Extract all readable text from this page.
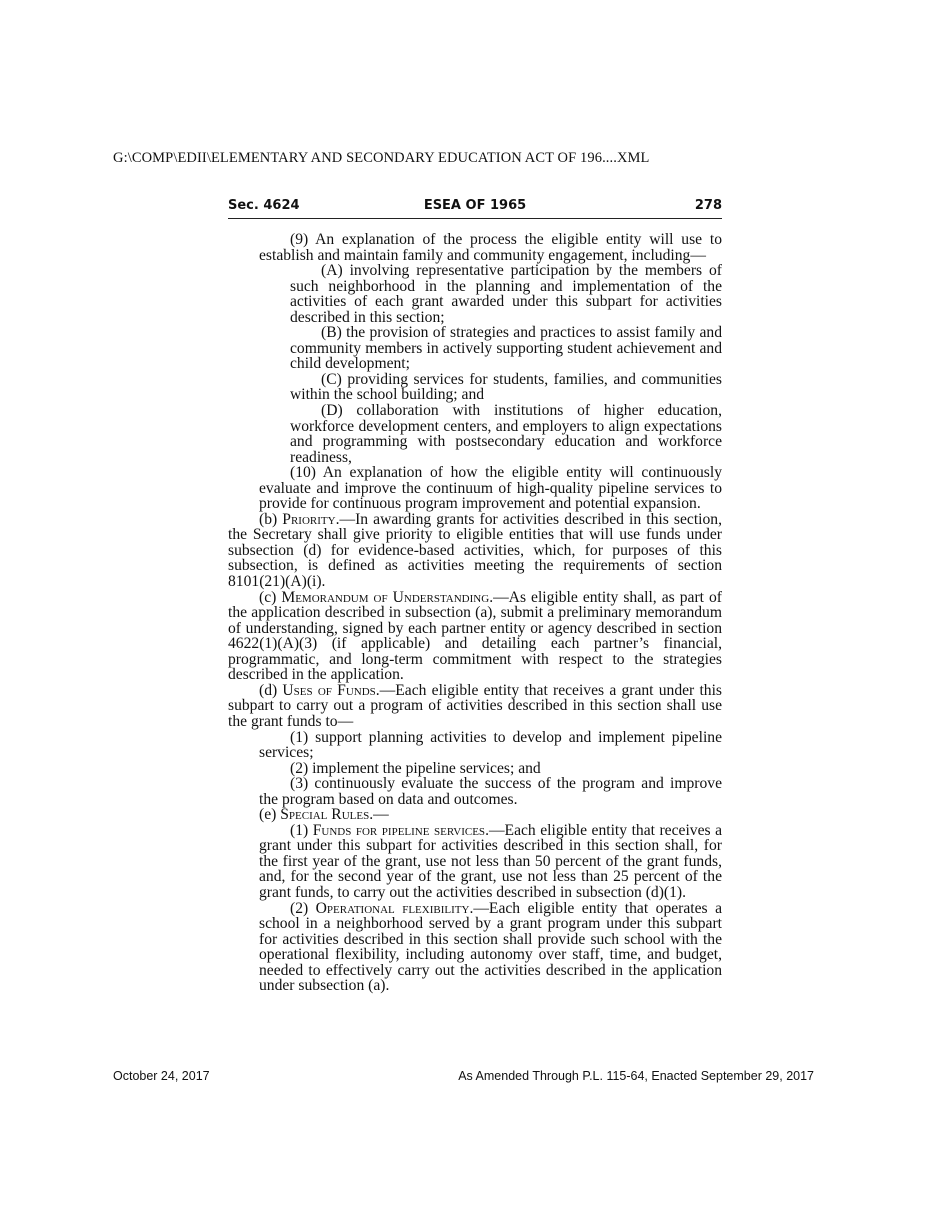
G:\COMP\EDII\ELEMENTARY AND SECONDARY EDUCATION ACT OF 196....XML
Sec. 4624	ESEA OF 1965	278

(9) An explanation of the process the eligible entity will use to establish and maintain family and community engagement, including—

(A) involving representative participation by the members of such neighborhood in the planning and implementation of the activities of each grant awarded under this subpart for activities described in this section;

(B) the provision of strategies and practices to assist family and community members in actively supporting student achievement and child development;

(C) providing services for students, families, and communities within the school building; and

(D) collaboration with institutions of higher education, workforce development centers, and employers to align expectations and programming with postsecondary education and workforce readiness,

(10) An explanation of how the eligible entity will continuously evaluate and improve the continuum of high-quality pipeline services to provide for continuous program improvement and potential expansion.

(b) Priority.—In awarding grants for activities described in this section, the Secretary shall give priority to eligible entities that will use funds under subsection (d) for evidence-based activities, which, for purposes of this subsection, is defined as activities meeting the requirements of section 8101(21)(A)(i).

(c) Memorandum of Understanding.—As eligible entity shall, as part of the application described in subsection (a), submit a preliminary memorandum of understanding, signed by each partner entity or agency described in section 4622(1)(A)(3) (if applicable) and detailing each partner’s financial, programmatic, and long-term commitment with respect to the strategies described in the application.

(d) Uses of Funds.—Each eligible entity that receives a grant under this subpart to carry out a program of activities described in this section shall use the grant funds to—

(1) support planning activities to develop and implement pipeline services;

(2) implement the pipeline services; and

(3) continuously evaluate the success of the program and improve the program based on data and outcomes.

(e) Special Rules.—

(1) Funds for pipeline services.—Each eligible entity that receives a grant under this subpart for activities described in this section shall, for the first year of the grant, use not less than 50 percent of the grant funds, and, for the second year of the grant, use not less than 25 percent of the grant funds, to carry out the activities described in subsection (d)(1).

(2) Operational flexibility.—Each eligible entity that operates a school in a neighborhood served by a grant program under this subpart for activities described in this section shall provide such school with the operational flexibility, including autonomy over staff, time, and budget, needed to effectively carry out the activities described in the application under subsection (a).

October 24, 2017	As Amended Through P.L. 115-64, Enacted September 29, 2017
